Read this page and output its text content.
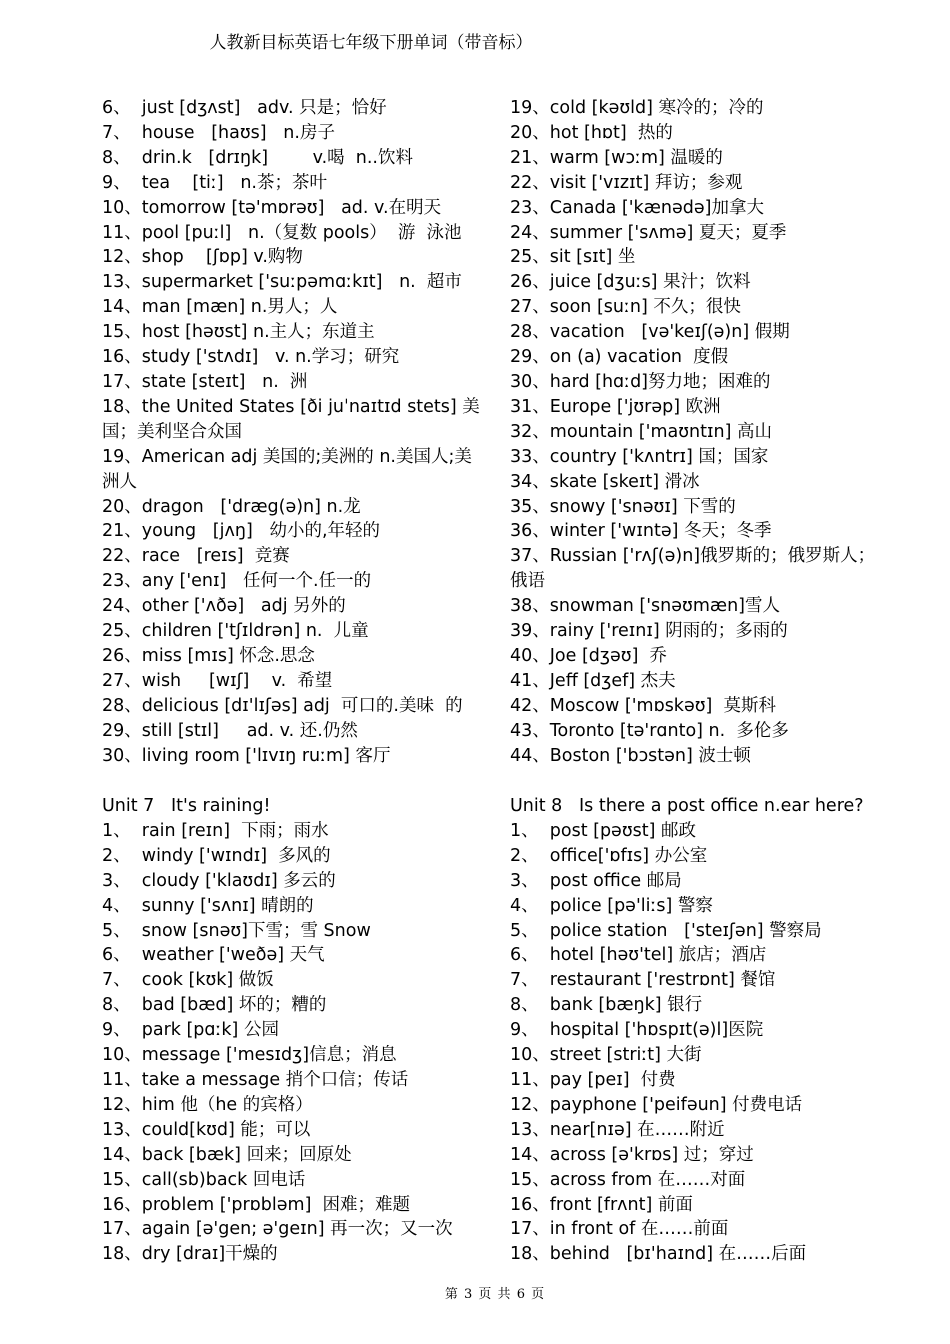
人教新目标英语七年级下册单词（带音标）
6、  just [dʒʌst]   adv. 只是；恰好
7、  house   [haʊs]   n.房子
8、  drin.k   [drɪŋk]        v.喝  n..饮料
9、  tea    [tiː]   n.茶；茶叶
10、tomorrow [tə'mɒrəʊ]   ad. v.在明天
11、pool [puːl]   n.（复数 pools）  游  泳池
12、shop    [ʃɒp] v.购物
13、supermarket ['suːpəmɑːkɪt]   n.  超市
14、man [mæn] n.男人；人
15、host [həʊst] n.主人；东道主
16、study ['stʌdɪ]   v. n.学习；研究
17、state [steɪt]   n.  洲
18、the United States [ði juˈnaɪtɪd stets] 美国；美利坚合众国
19、American adj 美国的;美洲的 n.美国人;美洲人
20、dragon   ['dræg(ə)n] n.龙
21、young   [jʌŋ]   幼小的,年轻的
22、race   [reɪs]  竞赛
23、any ['enɪ]   任何一个.任一的
24、other ['ʌðə]   adj 另外的
25、children ['tʃɪldrən] n.  儿童
26、miss [mɪs] 怀念.思念
27、wish     [wɪʃ]    v.  希望
28、delicious [dɪ'lɪʃəs] adj  可口的.美味  的
29、still [stɪl]     ad. v. 还.仍然
30、living room ['lɪvɪŋ ruːm] 客厅
19、cold [kəʊld] 寒冷的；冷的
20、hot [hɒt]  热的
21、warm [wɔːm] 温暖的
22、visit ['vɪzɪt] 拜访；参观
23、Canada ['kænədə]加拿大
24、summer ['sʌmə] 夏天；夏季
25、sit [sɪt] 坐
26、juice [dʒuːs] 果汁；饮料
27、soon [suːn] 不久；很快
28、vacation   [və'keɪʃ(ə)n] 假期
29、on (a) vacation  度假
30、hard [hɑːd]努力地；困难的
31、Europe ['jʊrəp] 欧洲
32、mountain ['maʊntɪn] 高山
33、country ['kʌntrɪ] 国；国家
34、skate [skeɪt] 滑冰
35、snowy ['snəʊɪ] 下雪的
36、winter ['wɪntə] 冬天；冬季
37、Russian ['rʌʃ(ə)n]俄罗斯的；俄罗斯人；俄语
38、snowman ['snəʊmæn]雪人
39、rainy ['reɪnɪ] 阴雨的；多雨的
40、Joe [dʒəʊ]  乔
41、Jeff [dʒef] 杰夫
42、Moscow ['mɒskəʊ]  莫斯科
43、Toronto [tə'rɑnto] n.  多伦多
44、Boston ['bɔstən] 波士顿
Unit 7   It's raining!
1、  rain [reɪn]  下雨；雨水
2、  windy ['wɪndɪ]  多风的
3、  cloudy ['klaʊdɪ] 多云的
4、  sunny ['sʌnɪ] 晴朗的
5、  snow [snəʊ]下雪；雪 Snow
6、  weather ['weðə] 天气
7、  cook [kʊk] 做饭
8、  bad [bæd] 坏的；糟的
9、  park [pɑːk] 公园
10、message ['mesɪdʒ]信息；消息
11、take a message 捎个口信；传话
12、him 他（he 的宾格）
13、could[kʊd] 能；可以
14、back [bæk] 回来；回原处
15、call(sb)back 回电话
16、problem ['prɒbləm]  困难；难题
17、again [ə'gen; ə'geɪn] 再一次；又一次
18、dry [draɪ]干燥的
Unit 8   Is there a post office n.ear here?
1、  post [pəʊst] 邮政
2、  office['ɒfɪs] 办公室
3、  post office 邮局
4、  police [pə'liːs] 警察
5、  police station   ['steɪʃən] 警察局
6、  hotel [həʊ'tel] 旅店；酒店
7、  restaurant ['restrɒnt] 餐馆
8、  bank [bæŋk] 银行
9、  hospital ['hɒspɪt(ə)l]医院
10、street [striːt] 大街
11、pay [peɪ]  付费
12、payphone ['peifəun] 付费电话
13、near[nɪə] 在……附近
14、across [ə'krɒs] 过；穿过
15、across from 在……对面
16、front [frʌnt] 前面
17、in front of 在……前面
18、behind   [bɪ'haɪnd] 在……后面
第 3 页 共 6 页
